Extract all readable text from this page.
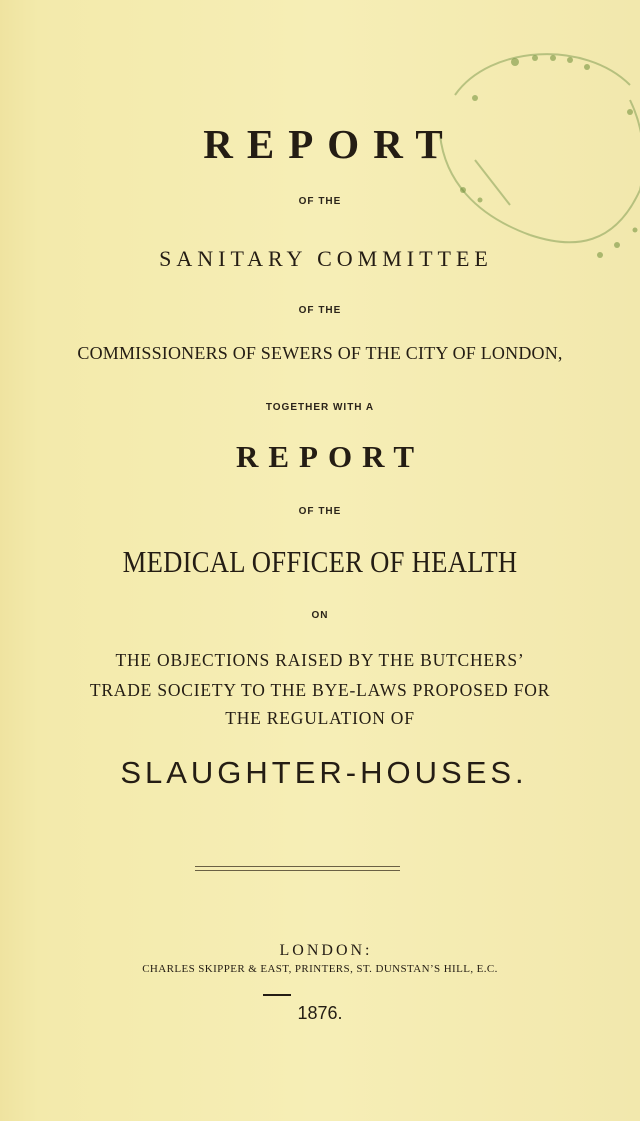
REPORT
OF THE
SANITARY COMMITTEE
OF THE
COMMISSIONERS OF SEWERS OF THE CITY OF LONDON,
TOGETHER WITH A
REPORT
OF THE
MEDICAL OFFICER OF HEALTH
ON
THE OBJECTIONS RAISED BY THE BUTCHERS’
TRADE SOCIETY TO THE BYE-LAWS PROPOSED FOR
THE REGULATION OF
SLAUGHTER-HOUSES.
LONDON:
CHARLES SKIPPER & EAST, PRINTERS, ST. DUNSTAN’S HILL, E.C.
1876.
